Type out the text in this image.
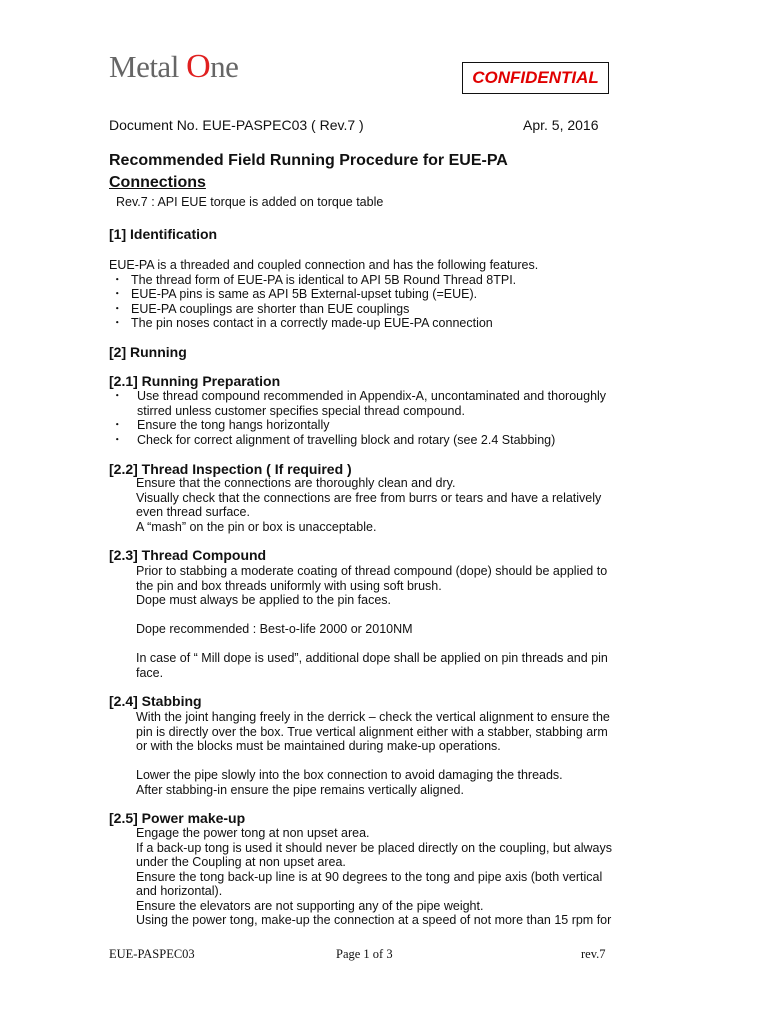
Metal One	CONFIDENTIAL
Document No. EUE-PASPEC03 ( Rev.7 )	Apr. 5, 2016
Recommended Field Running Procedure for EUE-PA
Connections
Rev.7 : API EUE torque is added on torque table
[1] Identification
EUE-PA is a threaded and coupled connection and has the following features.
・ The thread form of EUE-PA is identical to API 5B Round Thread 8TPI.
・ EUE-PA pins is same as API 5B External-upset tubing (=EUE).
・ EUE-PA couplings are shorter than EUE couplings
・ The pin noses contact in a correctly made-up EUE-PA connection
[2] Running
[2.1] Running Preparation
・ Use thread compound recommended in Appendix-A, uncontaminated and thoroughly
stirred unless customer specifies special thread compound.
・ Ensure the tong hangs horizontally
・ Check for correct alignment of travelling block and rotary (see 2.4 Stabbing)
[2.2] Thread Inspection ( If required )
Ensure that the connections are thoroughly clean and dry.
Visually check that the connections are free from burrs or tears and have a relatively
even thread surface.
A “mash” on the pin or box is unacceptable.
[2.3] Thread Compound
Prior to stabbing a moderate coating of thread compound (dope) should be applied to
the pin and box threads uniformly with using soft brush.
Dope must always be applied to the pin faces.
Dope recommended : Best-o-life 2000 or 2010NM
In case of “ Mill dope is used”, additional dope shall be applied on pin threads and pin
face.
[2.4] Stabbing
With the joint hanging freely in the derrick – check the vertical alignment to ensure the
pin is directly over the box. True vertical alignment either with a stabber, stabbing arm
or with the blocks must be maintained during make-up operations.
Lower the pipe slowly into the box connection to avoid damaging the threads.
After stabbing-in ensure the pipe remains vertically aligned.
[2.5] Power make-up
Engage the power tong at non upset area.
If a back-up tong is used it should never be placed directly on the coupling, but always
under the Coupling at non upset area.
Ensure the tong back-up line is at 90 degrees to the tong and pipe axis (both vertical
and horizontal).
Ensure the elevators are not supporting any of the pipe weight.
Using the power tong, make-up the connection at a speed of not more than 15 rpm for
EUE-PASPEC03	Page 1 of 3	rev.7
